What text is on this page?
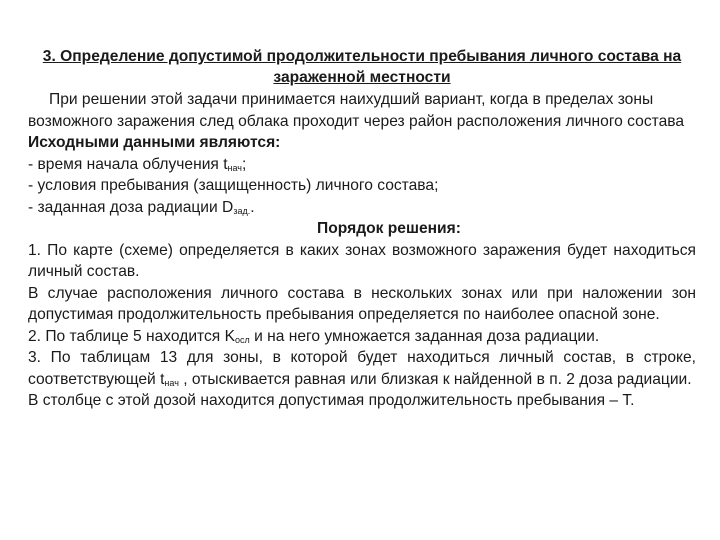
3. Определение допустимой продолжительности пребывания личного состава на зараженной местности

При решении этой задачи принимается наихудший вариант, когда в пределах зоны возможного заражения след облака проходит через район расположения личного состава

Исходными данными являются:

- время начала облучения $t_{нач}$;

- условия пребывания (защищенность) личного состава;

- заданная доза радиации $D_{зад.}$.

Порядок решения:

1. По карте (схеме) определяется в каких зонах возможного заражения будет находиться личный состав.

В случае расположения личного состава в нескольких зонах или при наложении зон допустимая продолжительность пребывания определяется по наиболее опасной зоне.

2. По таблице 5 находится $K_{осл}$ и на него умножается заданная доза радиации.

3. По таблицам 13 для зоны, в которой будет находиться личный состав, в строке, соответствующей $t_{нач}$ , отыскивается равная или близкая к найденной в п. 2 доза радиации.

В столбце с этой дозой находится допустимая продолжительность пребывания – Т.
